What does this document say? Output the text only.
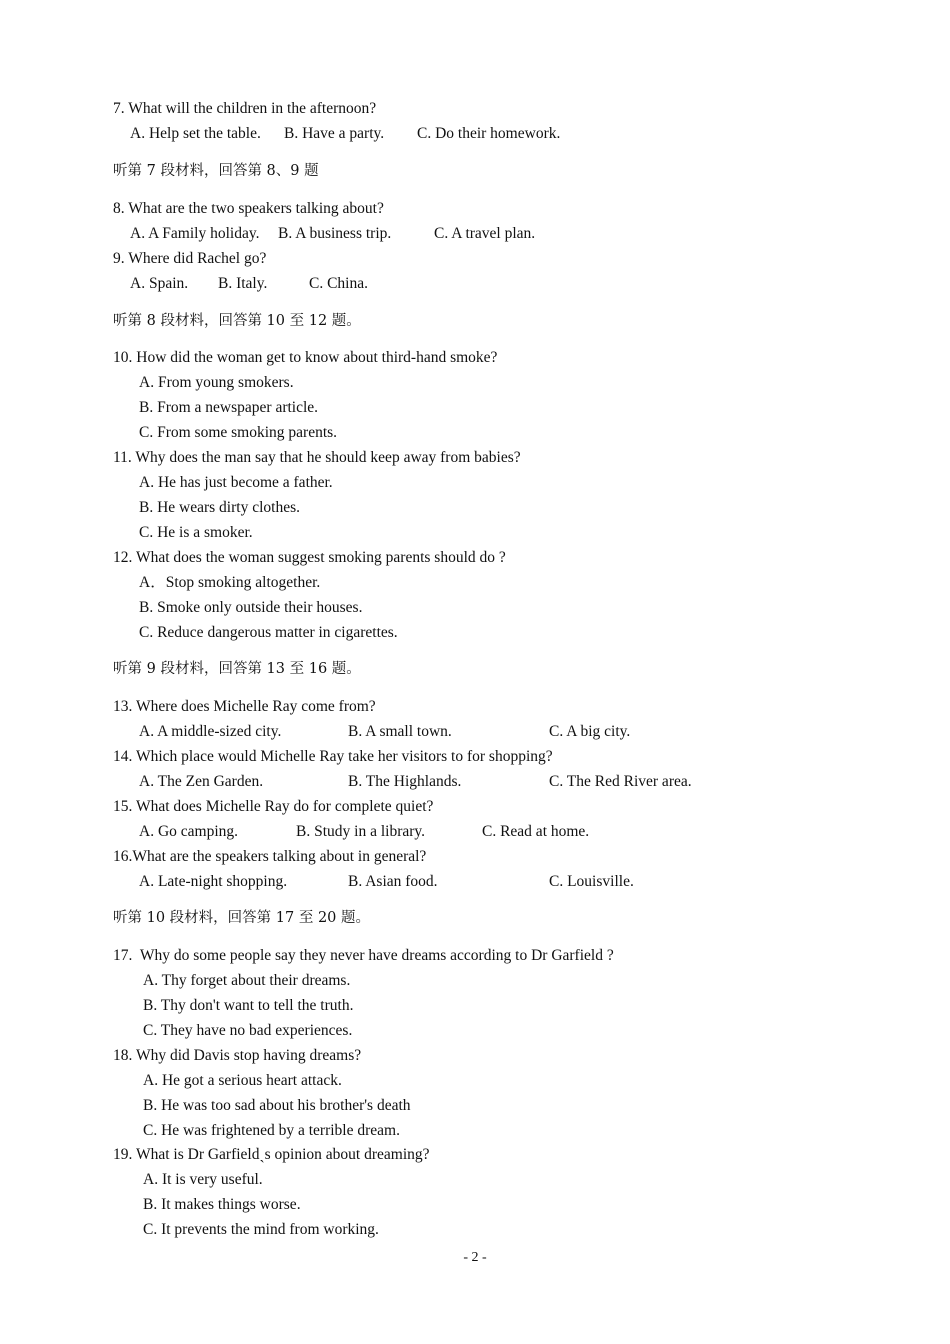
7. What will the children in the afternoon?
A. Help set the table. B. Have a party. C. Do their homework.
听第 7 段材料，回答第 8、9 题
8. What are the two speakers talking about?
A. A Family holiday. B. A business trip.	C. A travel plan.
9. Where did Rachel go?
A. Spain. B. Italy.	C. China.
听第 8 段材料，回答第 10 至 12 题。
10. How did the woman get to know about third-hand smoke?
A. From young smokers.
B. From a newspaper article.
C. From some smoking parents.
11. Why does the man say that he should keep away from babies?
A. He has just become a father.
B. He wears dirty clothes.
C. He is a smoker.
12. What does the woman suggest smoking parents should do ?
A．Stop smoking altogether.
B. Smoke only outside their houses.
C. Reduce dangerous matter in cigarettes.
听第 9 段材料，回答第 13 至 16 题。
13. Where does Michelle Ray come from?
A. A middle-sized city.	B. A small town.	C. A big city.
14. Which place would Michelle Ray take her visitors to for shopping?
A. The Zen Garden.	B. The Highlands.	C. The Red River area.
15. What does Michelle Ray do for complete quiet?
A. Go camping.	B. Study in a library.	C. Read at home.
16.What are the speakers talking about in general?
A. Late-night shopping.	B. Asian food.	C. Louisville.
听第 10 段材料，回答第 17 至 20 题。
17.  Why do some people say they never have dreams according to Dr Garfield ?
A. Thy forget about their dreams.
B. Thy don't want to tell the truth.
C. They have no bad experiences.
18. Why did Davis stop having dreams?
A. He got a serious heart attack.
B. He was too sad about his brother's death
C. He was frightened by a terrible dream.
19. What is Dr Garfieldˎs opinion about dreaming?
A. It is very useful.
B. It makes things worse.
C. It prevents the mind from working.
- 2 -
